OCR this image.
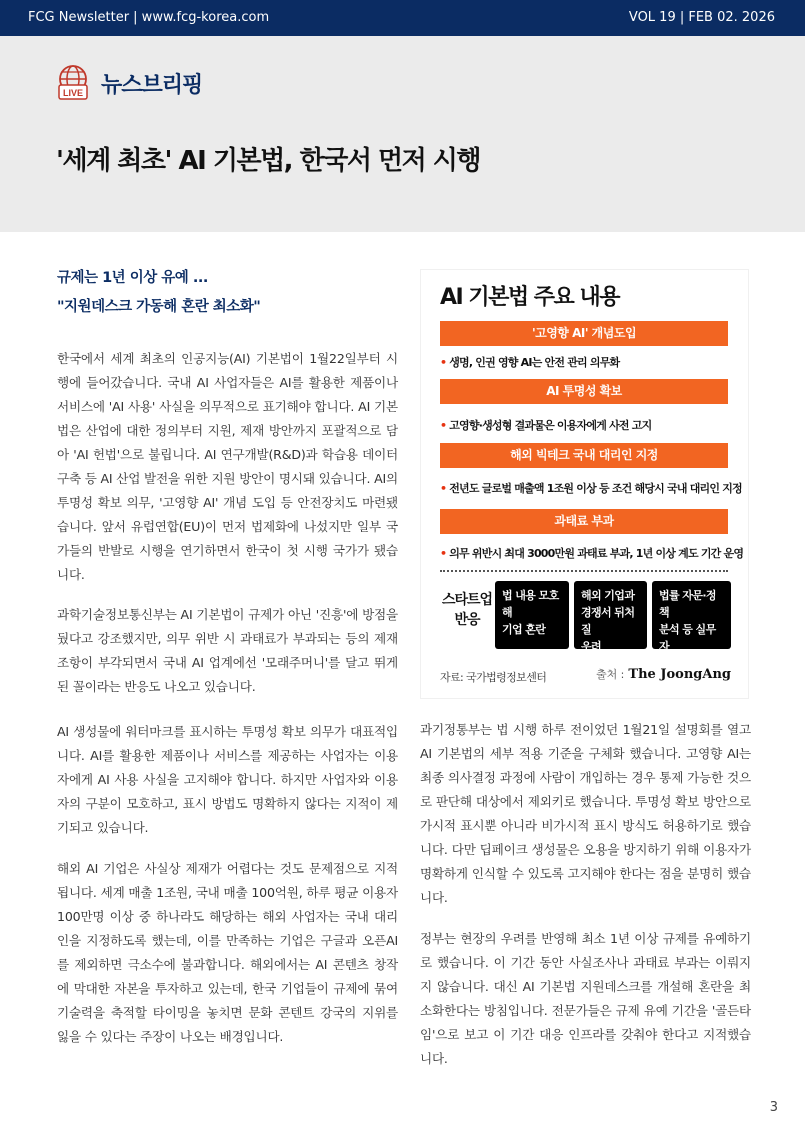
FCG Newsletter | www.fcg-korea.com	VOL 19 | FEB 02. 2026
LIVE 뉴스브리핑
'세계 최초' AI 기본법, 한국서 먼저 시행
규제는 1년 이상 유예 ...
"지원데스크 가동해 혼란 최소화"

한국에서 세계 최초의 인공지능(AI) 기본법이 1월22일부터 시행에 들어갔습니다. 국내 AI 사업자들은 AI를 활용한 제품이나 서비스에 'AI 사용' 사실을 의무적으로 표기해야 합니다. AI 기본법은 산업에 대한 정의부터 지원, 제재 방안까지 포괄적으로 담아 'AI 헌법'으로 불립니다. AI 연구개발(R&D)과 학습용 데이터 구축 등 AI 산업 발전을 위한 지원 방안이 명시돼 있습니다. AI의 투명성 확보 의무, '고영향 AI' 개념 도입 등 안전장치도 마련됐습니다. 앞서 유럽연합(EU)이 먼저 법제화에 나섰지만 일부 국가들의 반발로 시행을 연기하면서 한국이 첫 시행 국가가 됐습니다.

과학기술정보통신부는 AI 기본법이 규제가 아닌 '진흥'에 방점을 뒀다고 강조했지만, 의무 위반 시 과태료가 부과되는 등의 제재 조항이 부각되면서 국내 AI 업계에선 '모래주머니'를 달고 뛰게 된 꼴이라는 반응도 나오고 있습니다.

AI 생성물에 워터마크를 표시하는 투명성 확보 의무가 대표적입니다. AI를 활용한 제품이나 서비스를 제공하는 사업자는 이용자에게 AI 사용 사실을 고지해야 합니다. 하지만 사업자와 이용자의 구분이 모호하고, 표시 방법도 명확하지 않다는 지적이 제기되고 있습니다.

해외 AI 기업은 사실상 제재가 어렵다는 것도 문제점으로 지적됩니다. 세계 매출 1조원, 국내 매출 100억원, 하루 평균 이용자 100만명 이상 중 하나라도 해당하는 해외 사업자는 국내 대리인을 지정하도록 했는데, 이를 만족하는 기업은 구글과 오픈AI를 제외하면 극소수에 불과합니다. 해외에서는 AI 콘텐츠 창작에 막대한 자본을 투자하고 있는데, 한국 기업들이 규제에 묶여 기술력을 축적할 타이밍을 놓치면 문화 콘텐트 강국의 지위를 잃을 수 있다는 주장이 나오는 배경입니다.

과기정통부는 법 시행 하루 전이었던 1월21일 설명회를 열고 AI 기본법의 세부 적용 기준을 구체화 했습니다. 고영향 AI는 최종 의사결정 과정에 사람이 개입하는 경우 통제 가능한 것으로 판단해 대상에서 제외키로 했습니다. 투명성 확보 방안으로 가시적 표시뿐 아니라 비가시적 표시 방식도 허용하기로 했습니다. 다만 딥페이크 생성물은 오용을 방지하기 위해 이용자가 명확하게 인식할 수 있도록 고지해야 한다는 점을 분명히 했습니다.

정부는 현장의 우려를 반영해 최소 1년 이상 규제를 유예하기로 했습니다. 이 기간 동안 사실조사나 과태료 부과는 이뤄지지 않습니다. 대신 AI 기본법 지원데스크를 개설해 혼란을 최소화한다는 방침입니다. 전문가들은 규제 유예 기간을 '골든타임'으로 보고 이 기간 대응 인프라를 갖춰야 한다고 지적했습니다.

AI 기본법 주요 내용
'고영향 AI' 개념도입
• 생명, 인권 영향 AI는 안전 관리 의무화
AI 투명성 확보
• 고영향·생성형 결과물은 이용자에게 사전 고지
해외 빅테크 국내 대리인 지정
• 전년도 글로벌 매출액 1조원 이상 등 조건 해당시 국내 대리인 지정
과태료 부과
• 의무 위반시 최대 3000만원 과태료 부과, 1년 이상 계도 기간 운영
스타트업
반응
법 내용 모호해
기업 혼란
해외 기업과
경쟁서 뒤처질
우려
법률 자문·정책
분석 등 실무자
비용 부담
자료: 국가법령정보센터	출처 : The JoongAng
3
